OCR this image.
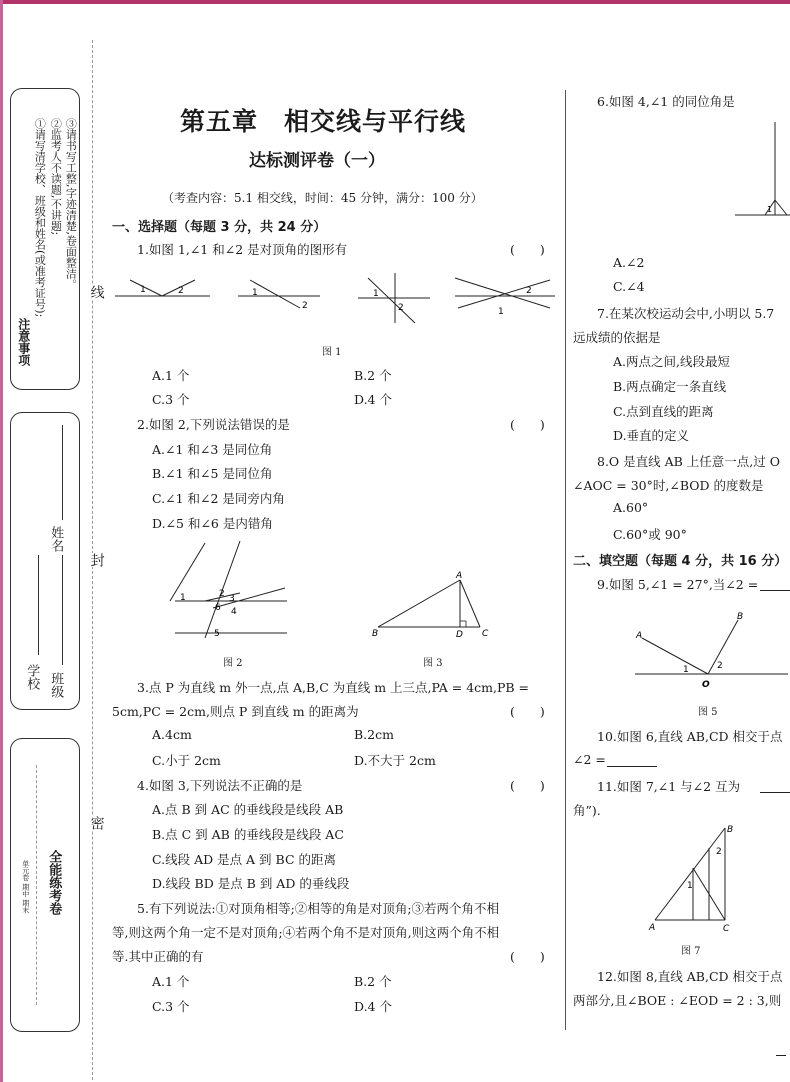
注意事项
①请写清学校、班级和姓名(或准考证号); ②监考人不读题,不讲题; ③请书写工整,字迹清楚,卷面整洁。
学校 班级
姓名
单元卷 期中 期末 全能练考卷
线
封
密
第五章　相交线与平行线
达标测评卷（一）
（考查内容：5.1 相交线，时间：45 分钟，满分：100 分）
一、选择题（每题 3 分，共 24 分）
1.如图 1,∠1 和∠2 是对顶角的图形有	(　　)
1	2	1
2
1
2	1
2
图 1
A.1 个	B.2 个
C.3 个	D.4 个
2.如图 2,下列说法错误的是	(　　)
A.∠1 和∠3 是同位角
B.∠1 和∠5 是同位角
C.∠1 和∠2 是同旁内角
D.∠5 和∠6 是内错角
1	2 3
4
5
6
图 2
A
B	D C
图 3
3.点 P 为直线 m 外一点,点 A,B,C 为直线 m 上三点,PA = 4cm,PB =
5cm,PC = 2cm,则点 P 到直线 m 的距离为	(　　)
A.4cm	B.2cm
C.小于 2cm	D.不大于 2cm
4.如图 3,下列说法不正确的是	(　　)
A.点 B 到 AC 的垂线段是线段 AB
B.点 C 到 AB 的垂线段是线段 AC
C.线段 AD 是点 A 到 BC 的距离
D.线段 BD 是点 B 到 AD 的垂线段
5.有下列说法:①对顶角相等;②相等的角是对顶角;③若两个角不相
等,则这两个角一定不是对顶角;④若两个角不是对顶角,则这两个角不相
等.其中正确的有	(　　)
A.1 个	B.2 个
C.3 个	D.4 个
6.如图 4,∠1 的同位角是
1
A.∠2
C.∠4
7.在某次校运动会中,小明以 5.7
远成绩的依据是
A.两点之间,线段最短
B.两点确定一条直线
C.点到直线的距离
D.垂直的定义
8.O 是直线 AB 上任意一点,过 O
∠AOC = 30°时,∠BOD 的度数是
A.60°
C.60°或 90°
二、填空题（每题 4 分，共 16 分）
9.如图 5,∠1 = 27°,当∠2 =
A
B
O
1	2
图 5
10.如图 6,直线 AB,CD 相交于点
∠2 =
11.如图 7,∠1 与∠2 互为
角”).
A
B
C
1
2
图 7
12.如图 8,直线 AB,CD 相交于点
两部分,且∠BOE : ∠EOD = 2 : 3,则
